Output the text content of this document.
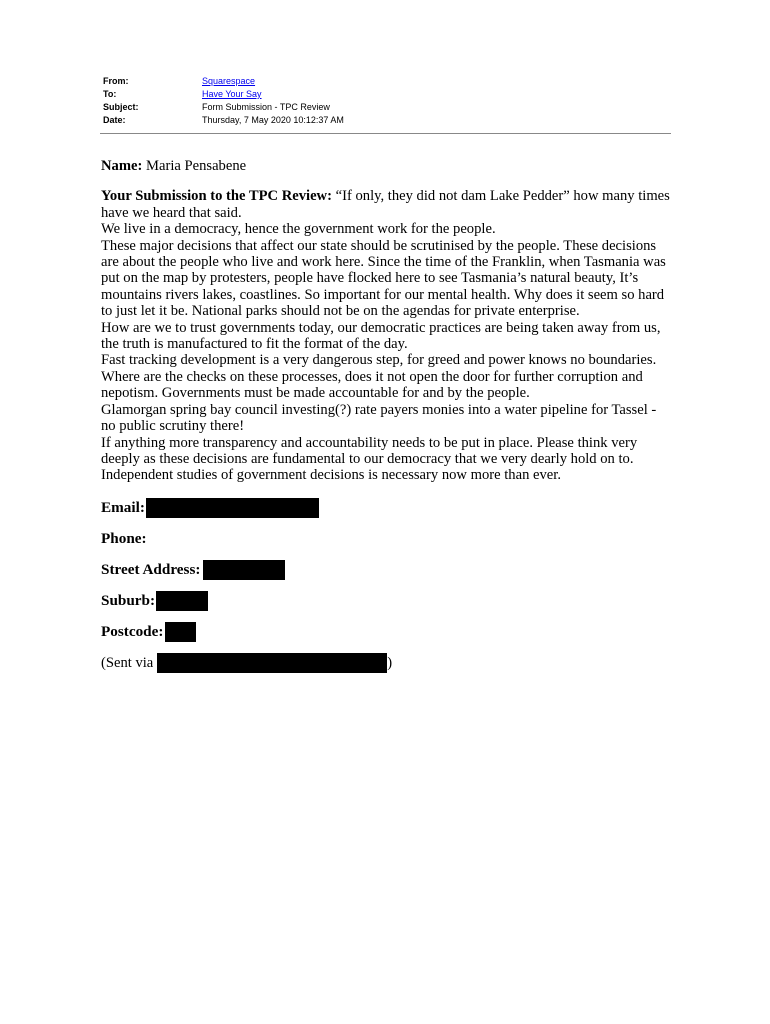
From:	Squarespace
To:	Have Your Say
Subject:	Form Submission - TPC Review
Date:	Thursday, 7 May 2020 10:12:37 AM
Name: Maria Pensabene

Your Submission to the TPC Review: “If only, they did not dam Lake Pedder” how many times have we heard that said.

We live in a democracy, hence the government work for the people.

These major decisions that affect our state should be scrutinised by the people. These decisions are about the people who live and work here. Since the time of the Franklin, when Tasmania was put on the map by protesters, people have flocked here to see Tasmania’s natural beauty, It’s mountains rivers lakes, coastlines. So important for our mental health. Why does it seem so hard to just let it be. National parks should not be on the agendas for private enterprise.

How are we to trust governments today, our democratic practices are being taken away from us, the truth is manufactured to fit the format of the day.

Fast tracking development is a very dangerous step, for greed and power knows no boundaries. Where are the checks on these processes, does it not open the door for further corruption and nepotism. Governments must be made accountable for and by the people.

Glamorgan spring bay council investing(?) rate payers monies into a water pipeline for Tassel - no public scrutiny there!

If anything more transparency and accountability needs to be put in place. Please think very deeply as these decisions are fundamental to our democracy that we very dearly hold on to. Independent studies of government decisions is necessary now more than ever.

Email:
Phone:
Street Address:
Suburb:
Postcode:
(Sent via	)
